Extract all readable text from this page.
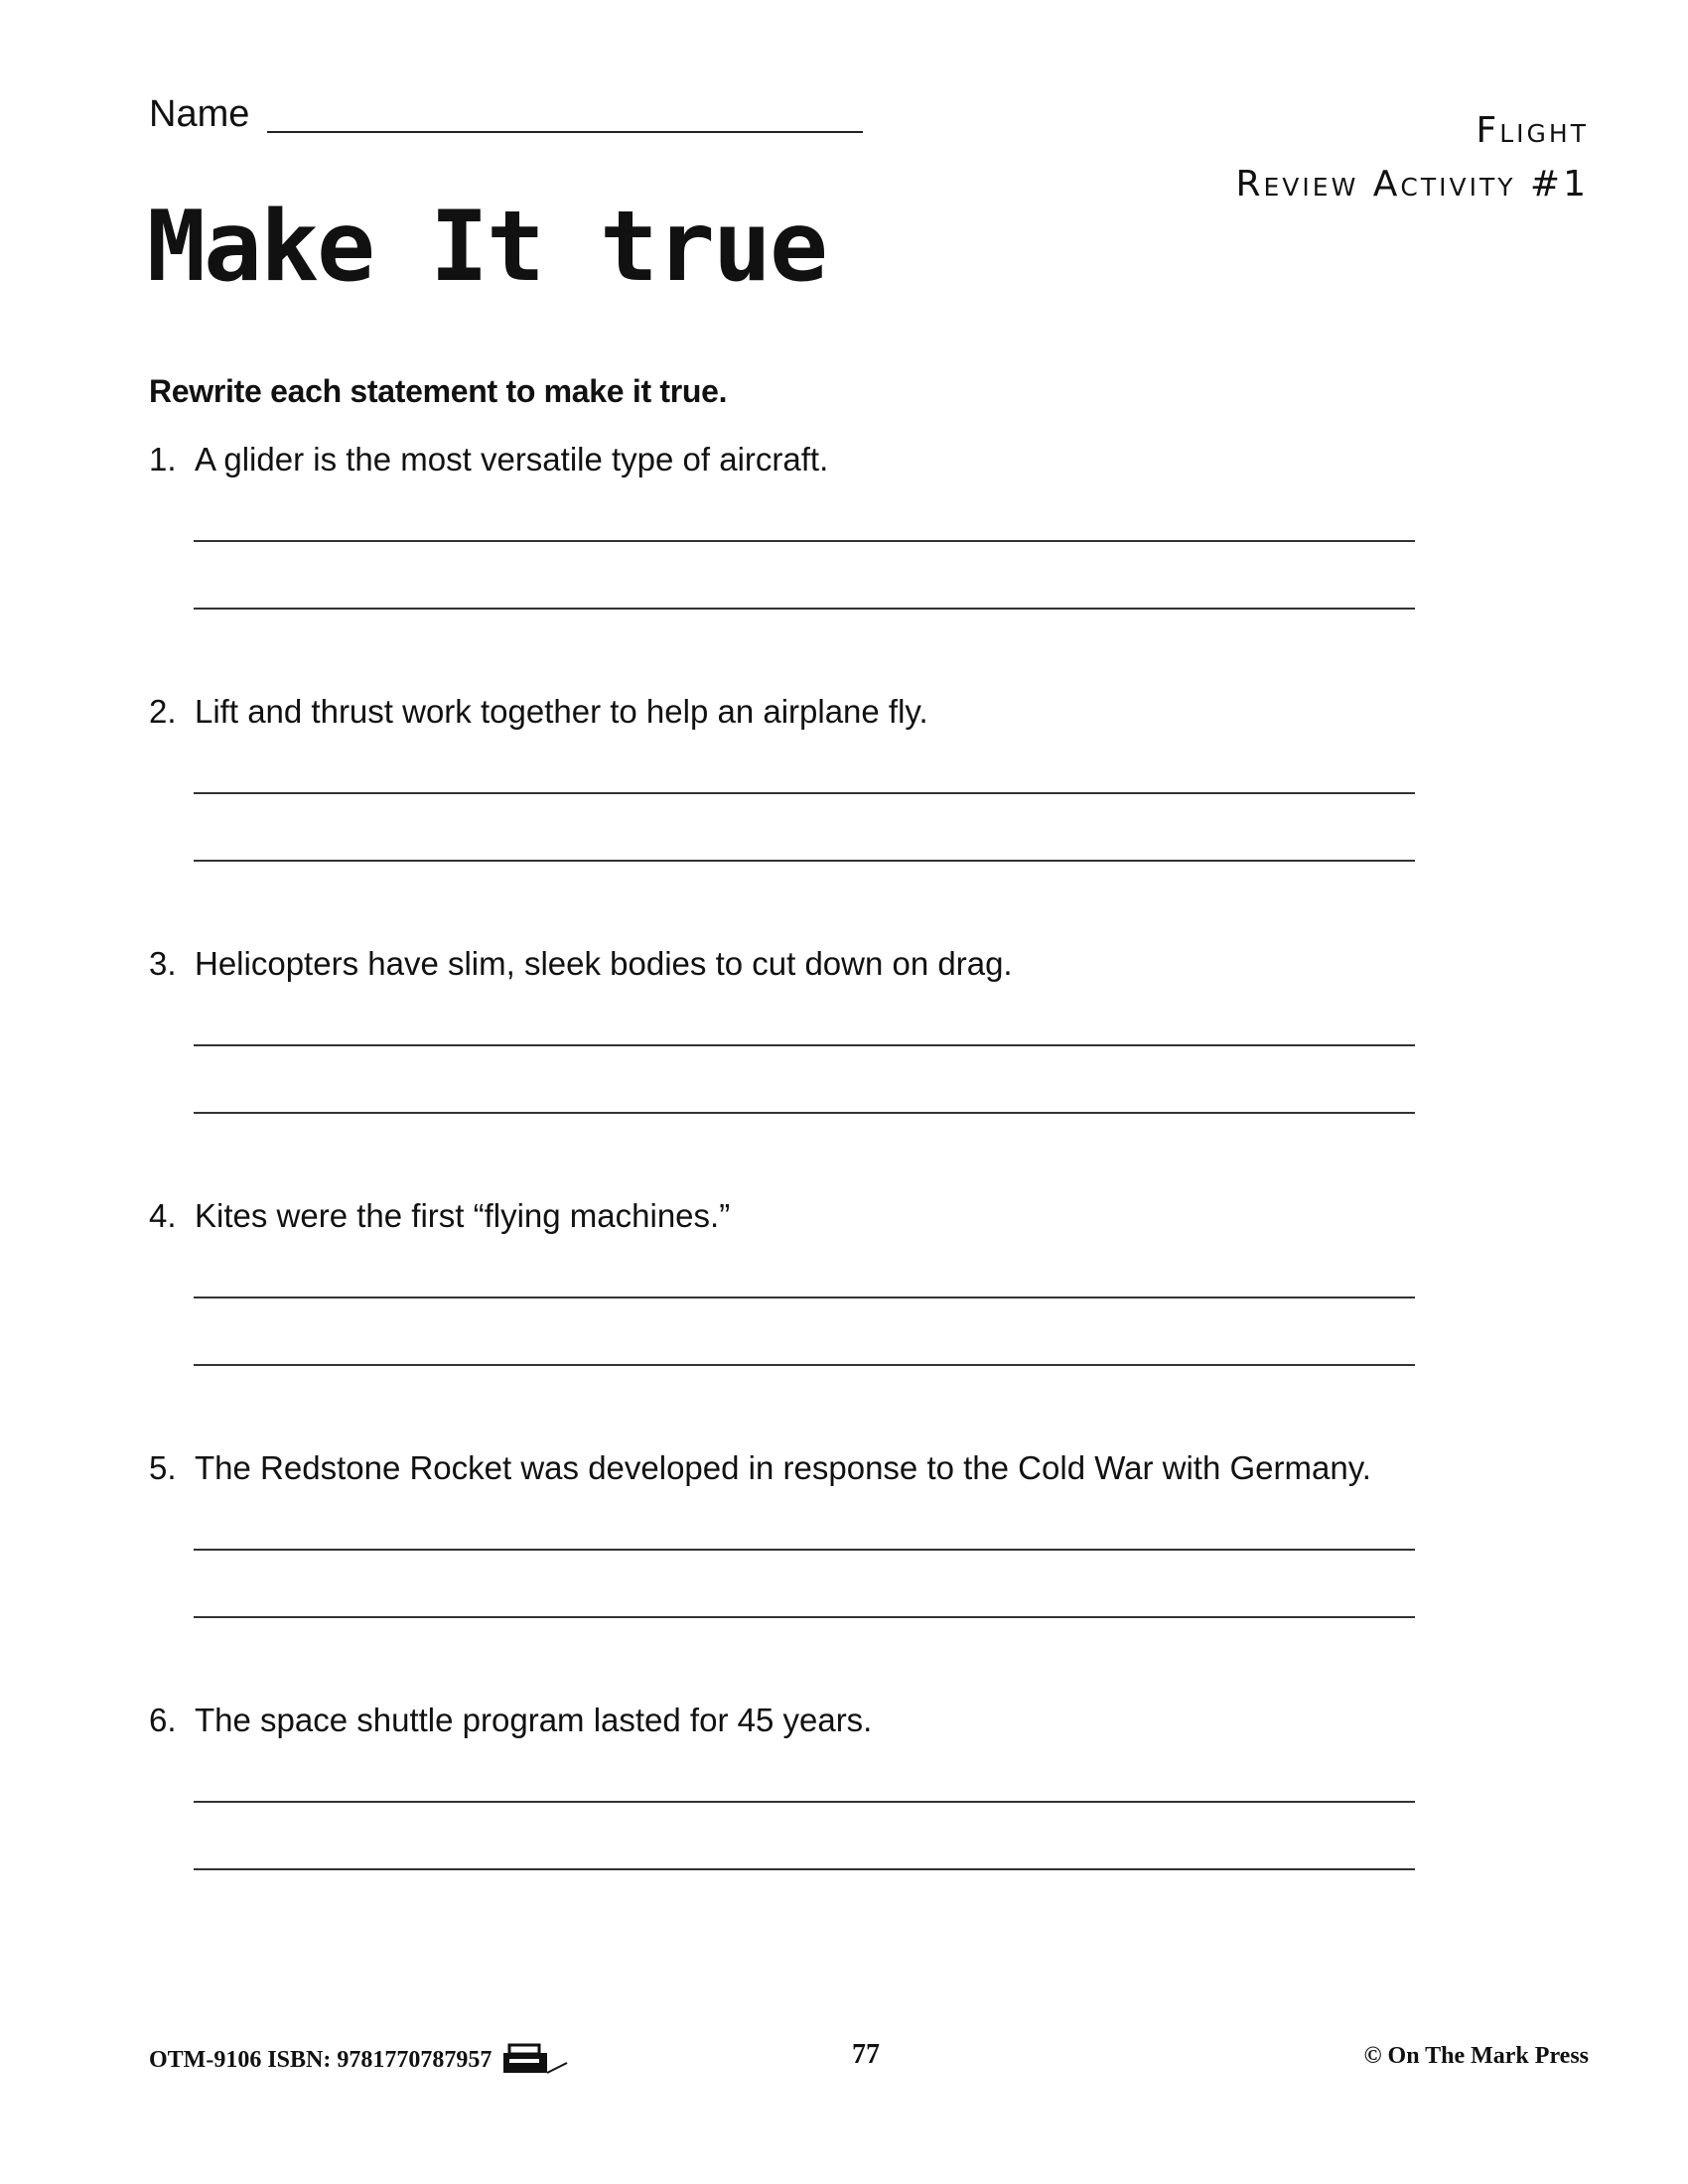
Name	Flight
Review Activity #1
Make It true
Rewrite each statement to make it true.
1. A glider is the most versatile type of aircraft.
2. Lift and thrust work together to help an airplane fly.
3. Helicopters have slim, sleek bodies to cut down on drag.
4. Kites were the first “flying machines.”
5. The Redstone Rocket was developed in response to the Cold War with Germany.
6. The space shuttle program lasted for 45 years.
OTM-9106 ISBN: 9781770787957	77	© On The Mark Press
